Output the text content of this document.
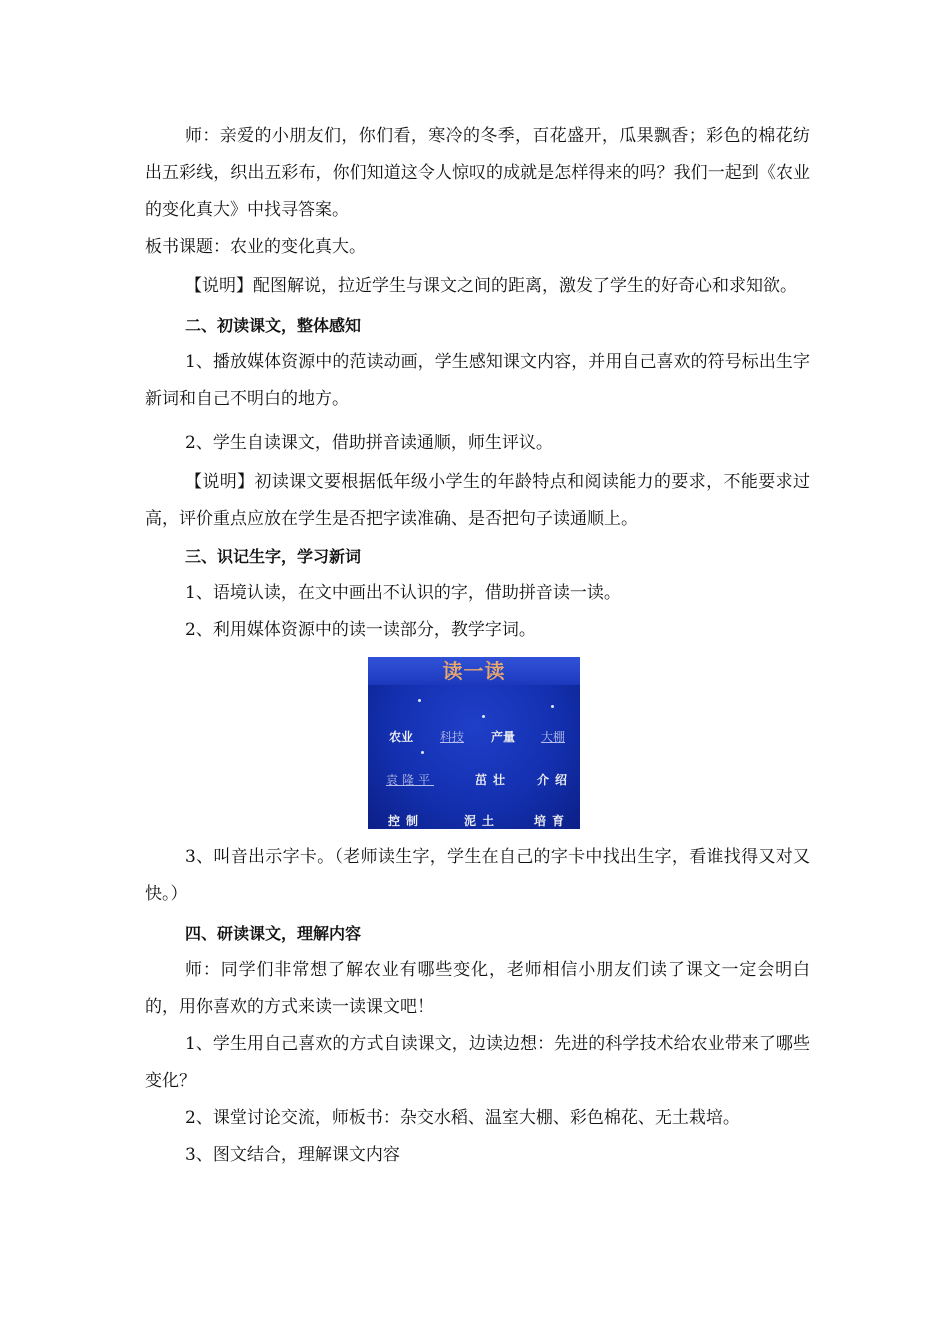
师：亲爱的小朋友们，你们看，寒冷的冬季，百花盛开，瓜果飘香；彩色的棉花纺出五彩线，织出五彩布，你们知道这令人惊叹的成就是怎样得来的吗？我们一起到《农业的变化真大》中找寻答案。

板书课题：农业的变化真大。

【说明】配图解说，拉近学生与课文之间的距离，激发了学生的好奇心和求知欲。

二、初读课文，整体感知

1、播放媒体资源中的范读动画，学生感知课文内容，并用自己喜欢的符号标出生字新词和自己不明白的地方。

2、学生自读课文，借助拼音读通顺，师生评议。

【说明】初读课文要根据低年级小学生的年龄特点和阅读能力的要求，不能要求过高，评价重点应放在学生是否把字读准确、是否把句子读通顺上。

三、识记生字，学习新词

1、语境认读，在文中画出不认识的字，借助拼音读一读。

2、利用媒体资源中的读一读部分，教学字词。

读一读
农业 科技 产量 大棚
袁隆平	茁壮 介绍
控制	泥土	培育

3、叫音出示字卡。（老师读生字，学生在自己的字卡中找出生字，看谁找得又对又快。）

四、研读课文，理解内容

师：同学们非常想了解农业有哪些变化，老师相信小朋友们读了课文一定会明白的，用你喜欢的方式来读一读课文吧！

1、学生用自己喜欢的方式自读课文，边读边想：先进的科学技术给农业带来了哪些变化？

2、课堂讨论交流，师板书：杂交水稻、温室大棚、彩色棉花、无土栽培。

3、图文结合，理解课文内容
